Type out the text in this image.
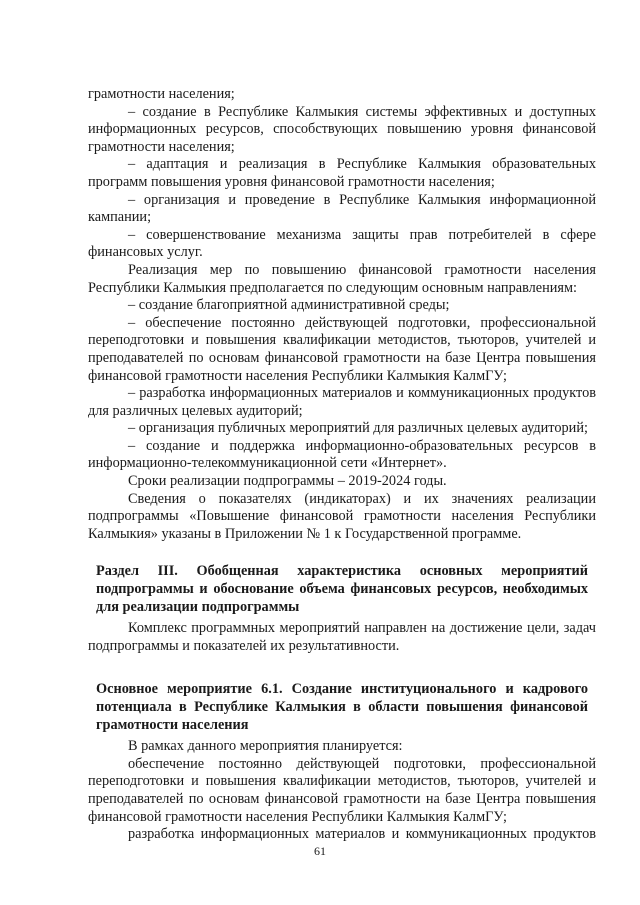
грамотности населения;

– создание в Республике Калмыкия системы эффективных и доступных информационных ресурсов, способствующих повышению уровня финансовой грамотности населения;

– адаптация и реализация в Республике Калмыкия образовательных программ повышения уровня финансовой грамотности населения;

– организация и проведение в Республике Калмыкия информационной кампании;

– совершенствование механизма защиты прав потребителей в сфере финансовых услуг.

Реализация мер по повышению финансовой грамотности населения Республики Калмыкия предполагается по следующим основным направлениям:

– создание благоприятной административной среды;

– обеспечение постоянно действующей подготовки, профессиональной переподготовки и повышения квалификации методистов, тьюторов, учителей и преподавателей по основам финансовой грамотности на базе Центра повышения финансовой грамотности населения Республики Калмыкия КалмГУ;

– разработка информационных материалов и коммуникационных продуктов для различных целевых аудиторий;

– организация публичных мероприятий для различных целевых аудиторий;

– создание и поддержка информационно-образовательных ресурсов в информационно-телекоммуникационной сети «Интернет».

Сроки реализации подпрограммы – 2019-2024 годы.

Сведения о показателях (индикаторах) и их значениях реализации подпрограммы «Повышение финансовой грамотности населения Республики Калмыкия» указаны в Приложении № 1 к Государственной программе.

Раздел III. Обобщенная характеристика основных мероприятий подпрограммы и обоснование объема финансовых ресурсов, необходимых для реализации подпрограммы

Комплекс программных мероприятий направлен на достижение цели, задач подпрограммы и показателей их результативности.

Основное мероприятие 6.1. Создание институционального и кадрового потенциала в Республике Калмыкия в области повышения финансовой грамотности населения

В рамках данного мероприятия планируется:

обеспечение постоянно действующей подготовки, профессиональной переподготовки и повышения квалификации методистов, тьюторов, учителей и преподавателей по основам финансовой грамотности на базе Центра повышения финансовой грамотности населения Республики Калмыкия КалмГУ;

разработка информационных материалов и коммуникационных продуктов

61
